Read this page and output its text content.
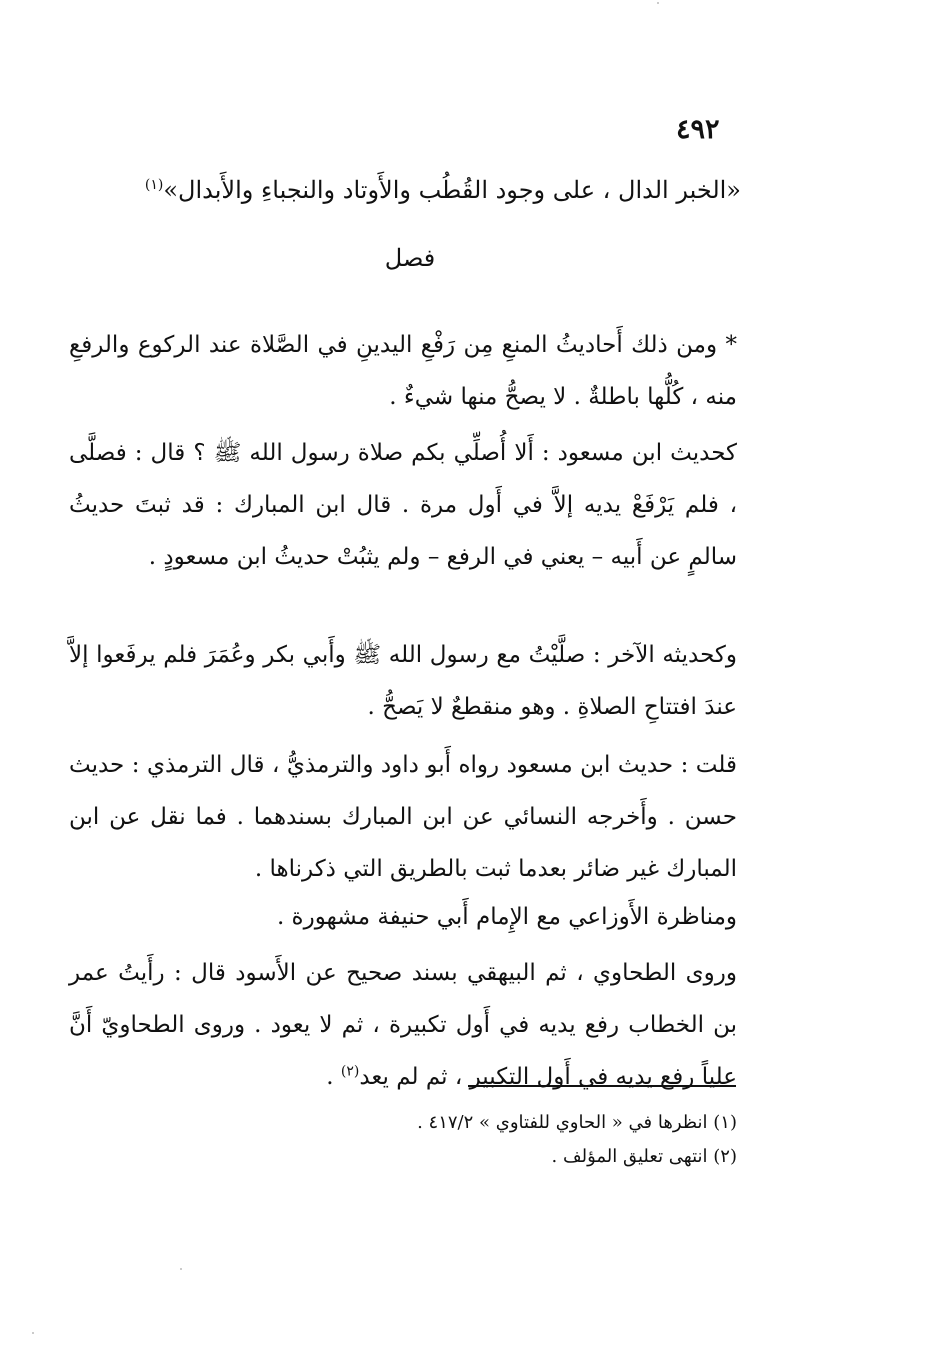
٤٩٢
«الخبر الدال ، على وجود القُطُب والأَوتاد والنجباءِ والأَبدال»$^{(١)}$
فصل

* ومن ذلك أَحاديثُ المنعِ مِن رَفْعِ اليدينِ في الصَّلاة عند الركوع والرفعِ منه ، كُلُّها باطلةٌ . لا يصحُّ منها شيءٌ .

كحديث ابن مسعود : أَلا أُصلِّي بكم صلاة رسول الله ﷺ ؟ قال : فصلَّى ، فلم يَرْفَعْ يديه إلاَّ في أَول مرة . قال ابن المبارك : قد ثبتَ حديثُ سالمٍ عن أَبيه – يعني في الرفع – ولم يثبُتْ حديثُ ابن مسعودٍ .

وكحديثه الآخر : صلَّيْتُ مع رسول الله ﷺ وأَبي بكر وعُمَرَ فلم يرفَعوا إلاَّ عندَ افتتاحِ الصلاةِ . وهو منقطعٌ لا يَصحُّ .

قلت : حديث ابن مسعود رواه أَبو داود والترمذيُّ ، قال الترمذي : حديث حسن . وأَخرجه النسائي عن ابن المبارك بسندهما . فما نقل عن ابن المبارك غير ضائر بعدما ثبت بالطريق التي ذكرناها .

ومناظرة الأَوزاعي مع الإِمام أَبي حنيفة مشهورة .

وروى الطحاوي ، ثم البيهقي بسند صحيح عن الأَسود قال : رأَيتُ عمر بن الخطاب رفع يديه في أَول تكبيرة ، ثم لا يعود . وروى الطحاويّ أَنَّ علياً رفع يديه في أَول التكبير ، ثم لم يعد$^{(٢)}$ .

(١) انظرها في « الحاوي للفتاوي » ٤١٧/٢ .

(٢) انتهى تعليق المؤلف .
